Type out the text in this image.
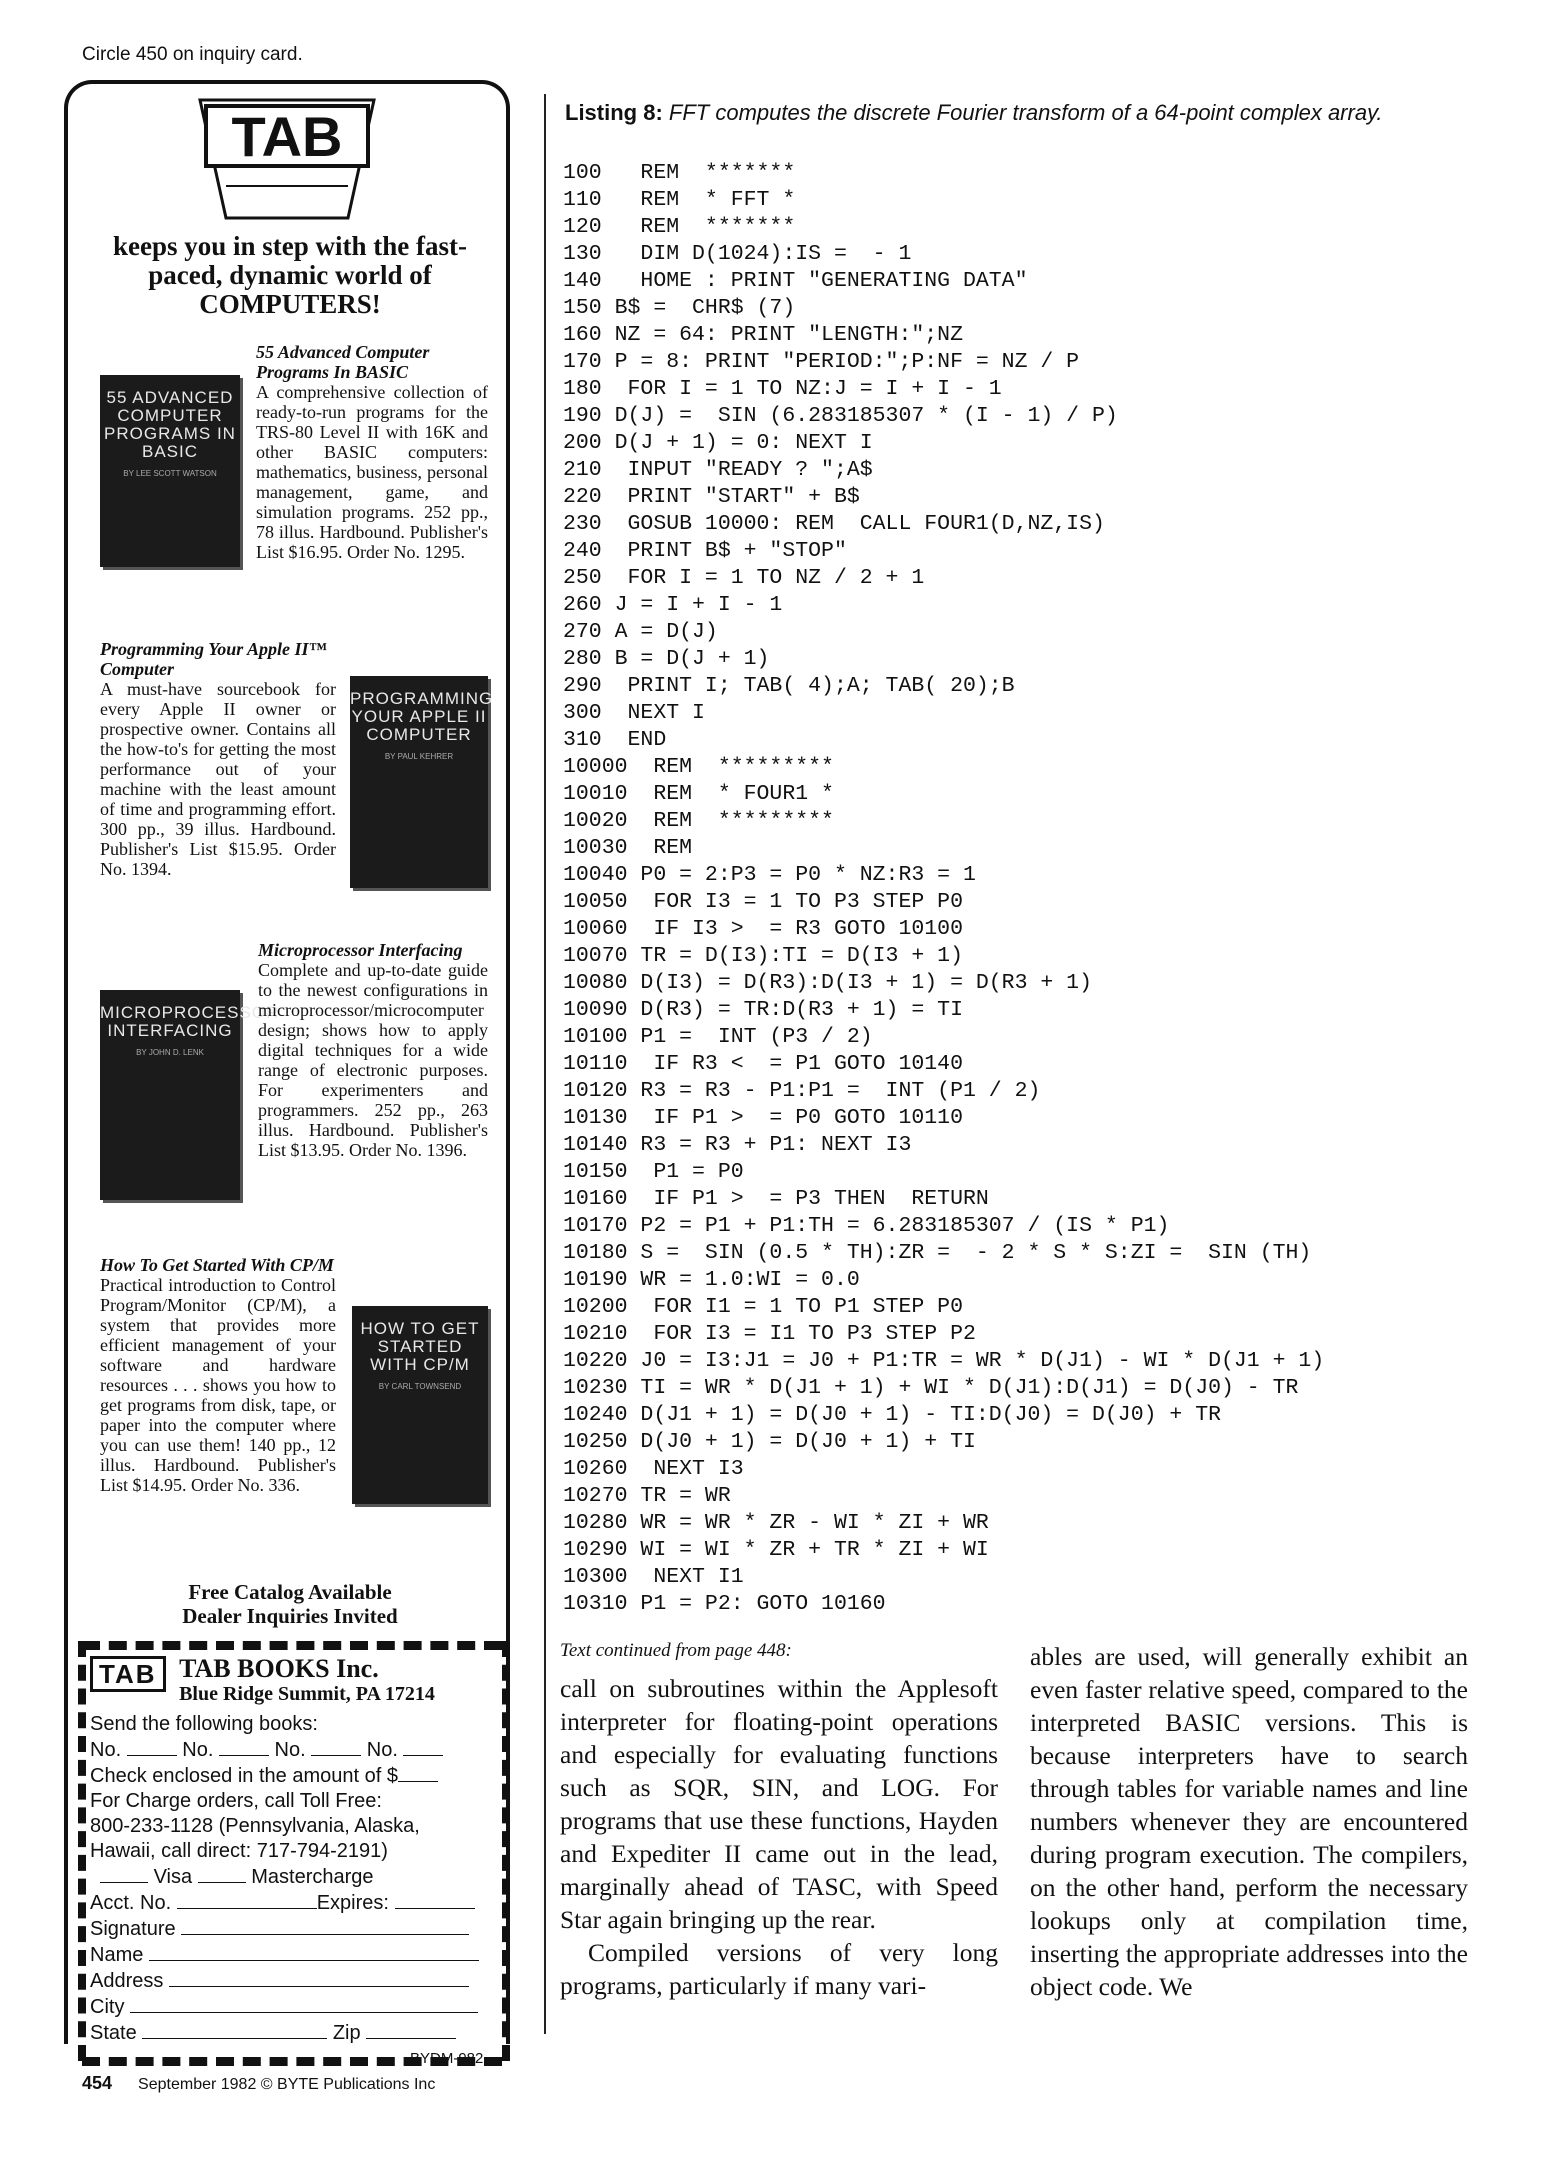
Circle 450 on inquiry card.
TAB
keeps you in step with the fast-paced, dynamic world of COMPUTERS!
55 ADVANCED COMPUTER PROGRAMS IN BASIC
BY LEE SCOTT WATSON
55 Advanced Computer Programs In BASIC
A comprehensive collection of ready-to-run programs for the TRS-80 Level II with 16K and other BASIC computers: mathematics, business, personal management, game, and simulation programs. 252 pp., 78 illus. Hardbound. Publisher's List $16.95. Order No. 1295.
PROGRAMMING YOUR APPLE II COMPUTER
BY PAUL KEHRER
Programming Your Apple II™ Computer
A must-have sourcebook for every Apple II owner or prospective owner. Contains all the how-to's for getting the most performance out of your machine with the least amount of time and programming effort. 300 pp., 39 illus. Hardbound. Publisher's List $15.95. Order No. 1394.
MICROPROCESSOR INTERFACING
BY JOHN D. LENK
Microprocessor Interfacing
Complete and up-to-date guide to the newest configurations in microprocessor/microcomputer design; shows how to apply digital techniques for a wide range of electronic purposes. For experimenters and programmers. 252 pp., 263 illus. Hardbound. Publisher's List $13.95. Order No. 1396.
HOW TO GET STARTED WITH CP/M
BY CARL TOWNSEND
How To Get Started With CP/M
Practical introduction to Control Program/Monitor (CP/M), a system that provides more efficient management of your software and hardware resources . . . shows you how to get programs from disk, tape, or paper into the computer where you can use them! 140 pp., 12 illus. Hardbound. Publisher's List $14.95. Order No. 336.
Free Catalog Available
Dealer Inquiries Invited
TAB TAB BOOKS Inc.
Blue Ridge Summit, PA 17214
Send the following books:
No.	No.	No.	No.
Check enclosed in the amount of $
For Charge orders, call Toll Free:
800-233-1128 (Pennsylvania, Alaska,
Hawaii, call direct: 717-794-2191)
Visa	Mastercharge
Acct. No.	Expires:
Signature
Name
Address
City
State	Zip
BYDM-982
454 September 1982 © BYTE Publications Inc
Listing 8: FFT computes the discrete Fourier transform of a 64-point complex array.
100   REM  *******
110   REM  * FFT *
120   REM  *******
130   DIM D(1024):IS =  - 1
140   HOME : PRINT "GENERATING DATA"
150 B$ =  CHR$ (7)
160 NZ = 64: PRINT "LENGTH:";NZ
170 P = 8: PRINT "PERIOD:";P:NF = NZ / P
180  FOR I = 1 TO NZ:J = I + I - 1
190 D(J) =  SIN (6.283185307 * (I - 1) / P)
200 D(J + 1) = 0: NEXT I
210  INPUT "READY ? ";A$
220  PRINT "START" + B$
230  GOSUB 10000: REM  CALL FOUR1(D,NZ,IS)
240  PRINT B$ + "STOP"
250  FOR I = 1 TO NZ / 2 + 1
260 J = I + I - 1
270 A = D(J)
280 B = D(J + 1)
290  PRINT I; TAB( 4);A; TAB( 20);B
300  NEXT I
310  END
10000  REM  *********
10010  REM  * FOUR1 *
10020  REM  *********
10030  REM
10040 P0 = 2:P3 = P0 * NZ:R3 = 1
10050  FOR I3 = 1 TO P3 STEP P0
10060  IF I3 >  = R3 GOTO 10100
10070 TR = D(I3):TI = D(I3 + 1)
10080 D(I3) = D(R3):D(I3 + 1) = D(R3 + 1)
10090 D(R3) = TR:D(R3 + 1) = TI
10100 P1 =  INT (P3 / 2)
10110  IF R3 <  = P1 GOTO 10140
10120 R3 = R3 - P1:P1 =  INT (P1 / 2)
10130  IF P1 >  = P0 GOTO 10110
10140 R3 = R3 + P1: NEXT I3
10150  P1 = P0
10160  IF P1 >  = P3 THEN  RETURN
10170 P2 = P1 + P1:TH = 6.283185307 / (IS * P1)
10180 S =  SIN (0.5 * TH):ZR =  - 2 * S * S:ZI =  SIN (TH)
10190 WR = 1.0:WI = 0.0
10200  FOR I1 = 1 TO P1 STEP P0
10210  FOR I3 = I1 TO P3 STEP P2
10220 J0 = I3:J1 = J0 + P1:TR = WR * D(J1) - WI * D(J1 + 1)
10230 TI = WR * D(J1 + 1) + WI * D(J1):D(J1) = D(J0) - TR
10240 D(J1 + 1) = D(J0 + 1) - TI:D(J0) = D(J0) + TR
10250 D(J0 + 1) = D(J0 + 1) + TI
10260  NEXT I3
10270 TR = WR
10280 WR = WR * ZR - WI * ZI + WR
10290 WI = WI * ZR + TR * ZI + WI
10300  NEXT I1
10310 P1 = P2: GOTO 10160
Text continued from page 448:

call on subroutines within the Applesoft interpreter for floating-point operations and especially for evaluating functions such as SQR, SIN, and LOG. For programs that use these functions, Hayden and Expediter II came out in the lead, marginally ahead of TASC, with Speed Star again bringing up the rear.

Compiled versions of very long programs, particularly if many vari-

ables are used, will generally exhibit an even faster relative speed, compared to the interpreted BASIC versions. This is because interpreters have to search through tables for variable names and line numbers whenever they are encountered during program execution. The compilers, on the other hand, perform the necessary lookups only at compilation time, inserting the appropriate addresses into the object code. We
